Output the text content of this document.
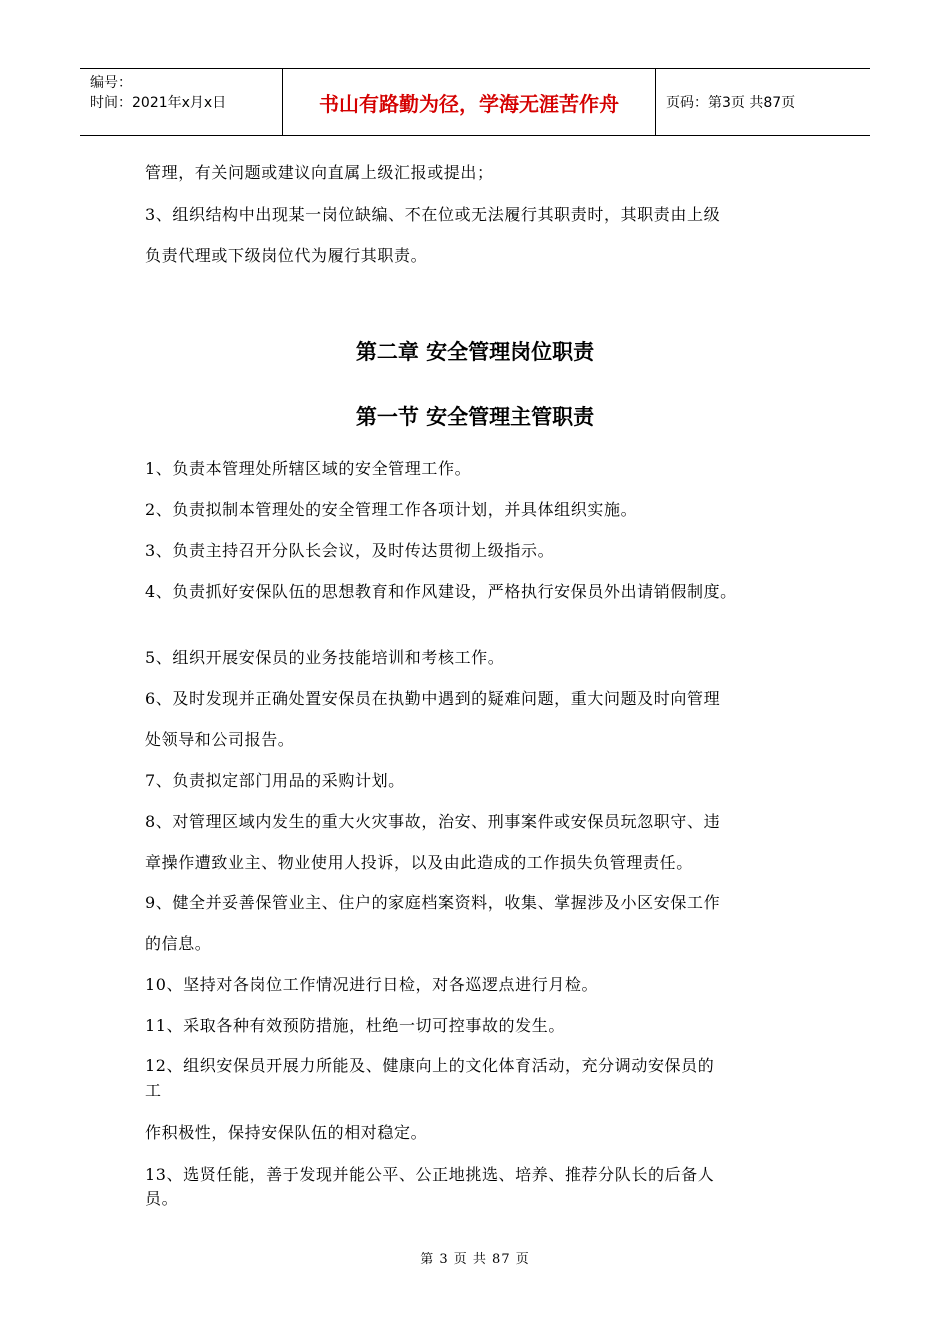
编号：
时间：2021年x月x日	书山有路勤为径，学海无涯苦作舟	页码：第3页 共87页
管理，有关问题或建议向直属上级汇报或提出；
3、组织结构中出现某一岗位缺编、不在位或无法履行其职责时，其职责由上级
负责代理或下级岗位代为履行其职责。
第二章 安全管理岗位职责
第一节 安全管理主管职责
1、负责本管理处所辖区域的安全管理工作。
2、负责拟制本管理处的安全管理工作各项计划，并具体组织实施。
3、负责主持召开分队长会议，及时传达贯彻上级指示。
4、负责抓好安保队伍的思想教育和作风建设，严格执行安保员外出请销假制度。
5、组织开展安保员的业务技能培训和考核工作。
6、及时发现并正确处置安保员在执勤中遇到的疑难问题，重大问题及时向管理
处领导和公司报告。
7、负责拟定部门用品的采购计划。
8、对管理区域内发生的重大火灾事故，治安、刑事案件或安保员玩忽职守、违
章操作遭致业主、物业使用人投诉，以及由此造成的工作损失负管理责任。
9、健全并妥善保管业主、住户的家庭档案资料，收集、掌握涉及小区安保工作
的信息。
10、坚持对各岗位工作情况进行日检，对各巡逻点进行月检。
11、采取各种有效预防措施，杜绝一切可控事故的发生。
12、组织安保员开展力所能及、健康向上的文化体育活动，充分调动安保员的
工
作积极性，保持安保队伍的相对稳定。
13、选贤任能，善于发现并能公平、公正地挑选、培养、推荐分队长的后备人
员。
第 3 页 共 87 页
